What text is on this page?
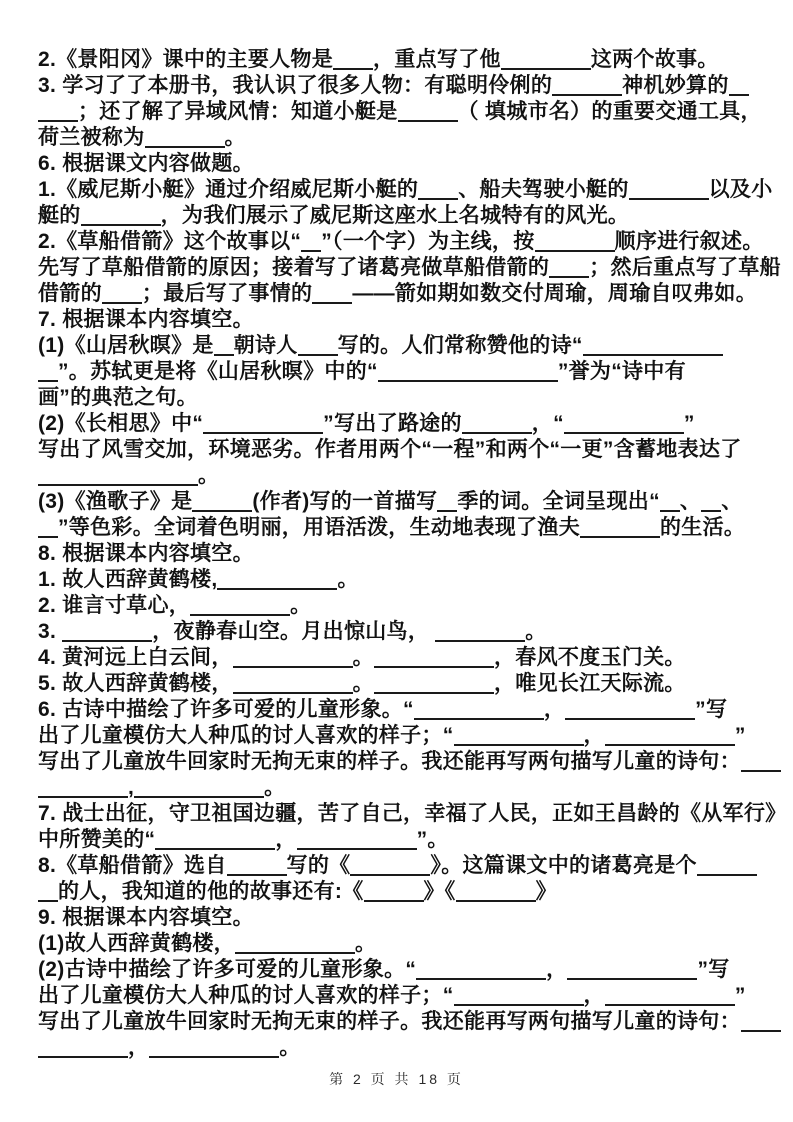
2.《景阳冈》课中的主要人物是 ，重点写了他	这两个故事。
3. 学习了了本册书，我认识了很多人物：有聪明伶俐的	神机妙算的
；还了解了异域风情：知道小艇是	（ 填城市名）的重要交通工具，
荷兰被称为	。
6. 根据课文内容做题。
1.《威尼斯小艇》通过介绍威尼斯小艇的 、船夫驾驶小艇的	以及小
艇的	，为我们展示了威尼斯这座水上名城特有的风光。
2.《草船借箭》这个故事以“ ”（一个字）为主线，按	顺序进行叙述。
先写了草船借箭的原因；接着写了诸葛亮做草船借箭的 ；然后重点写了草船
借箭的 ；最后写了事情的 ——箭如期如数交付周瑜，周瑜自叹弗如。
7. 根据课本内容填空。
(1)《山居秋暝》是 朝诗人 写的。人们常称赞他的诗“
”。苏轼更是将《山居秋暝》中的“	”誉为“诗中有
画”的典范之句。
(2)《长相思》中“	”写出了路途的	，“	”
写出了风雪交加，环境恶劣。作者用两个“一程”和两个“一更”含蓄地表达了
。
(3)《渔歌子》是	(作者)写的一首描写 季的词。全词呈现出“ 、 、
”等色彩。全词着色明丽，用语活泼，生动地表现了渔夫	的生活。
8. 根据课本内容填空。
1. 故人西辞黄鹤楼,	。
2. 谁言寸草心，	。
3.	，夜静春山空。月出惊山鸟，	。
4. 黄河远上白云间，	。	，春风不度玉门关。
5. 故人西辞黄鹤楼，	。	，唯见长江天际流。
6. 古诗中描绘了许多可爱的儿童形象。“	，	”写
出了儿童模仿大人种瓜的讨人喜欢的样子；“	，	”
写出了儿童放牛回家时无拘无束的样子。我还能再写两句描写儿童的诗句：
,	。
7. 战士出征，守卫祖国边疆，苦了自己，幸福了人民，正如王昌龄的《从军行》
中所赞美的“	，	”。
8.《草船借箭》选自	写的《	》。这篇课文中的诸葛亮是个
的人，我知道的他的故事还有:《	》《	》
9. 根据课本内容填空。
(1)故人西辞黄鹤楼，	。
(2)古诗中描绘了许多可爱的儿童形象。“	，	”写
出了儿童模仿大人种瓜的讨人喜欢的样子；“	，	”
写出了儿童放牛回家时无拘无束的样子。我还能再写两句描写儿童的诗句：
，	。
第 2 页 共 18 页
